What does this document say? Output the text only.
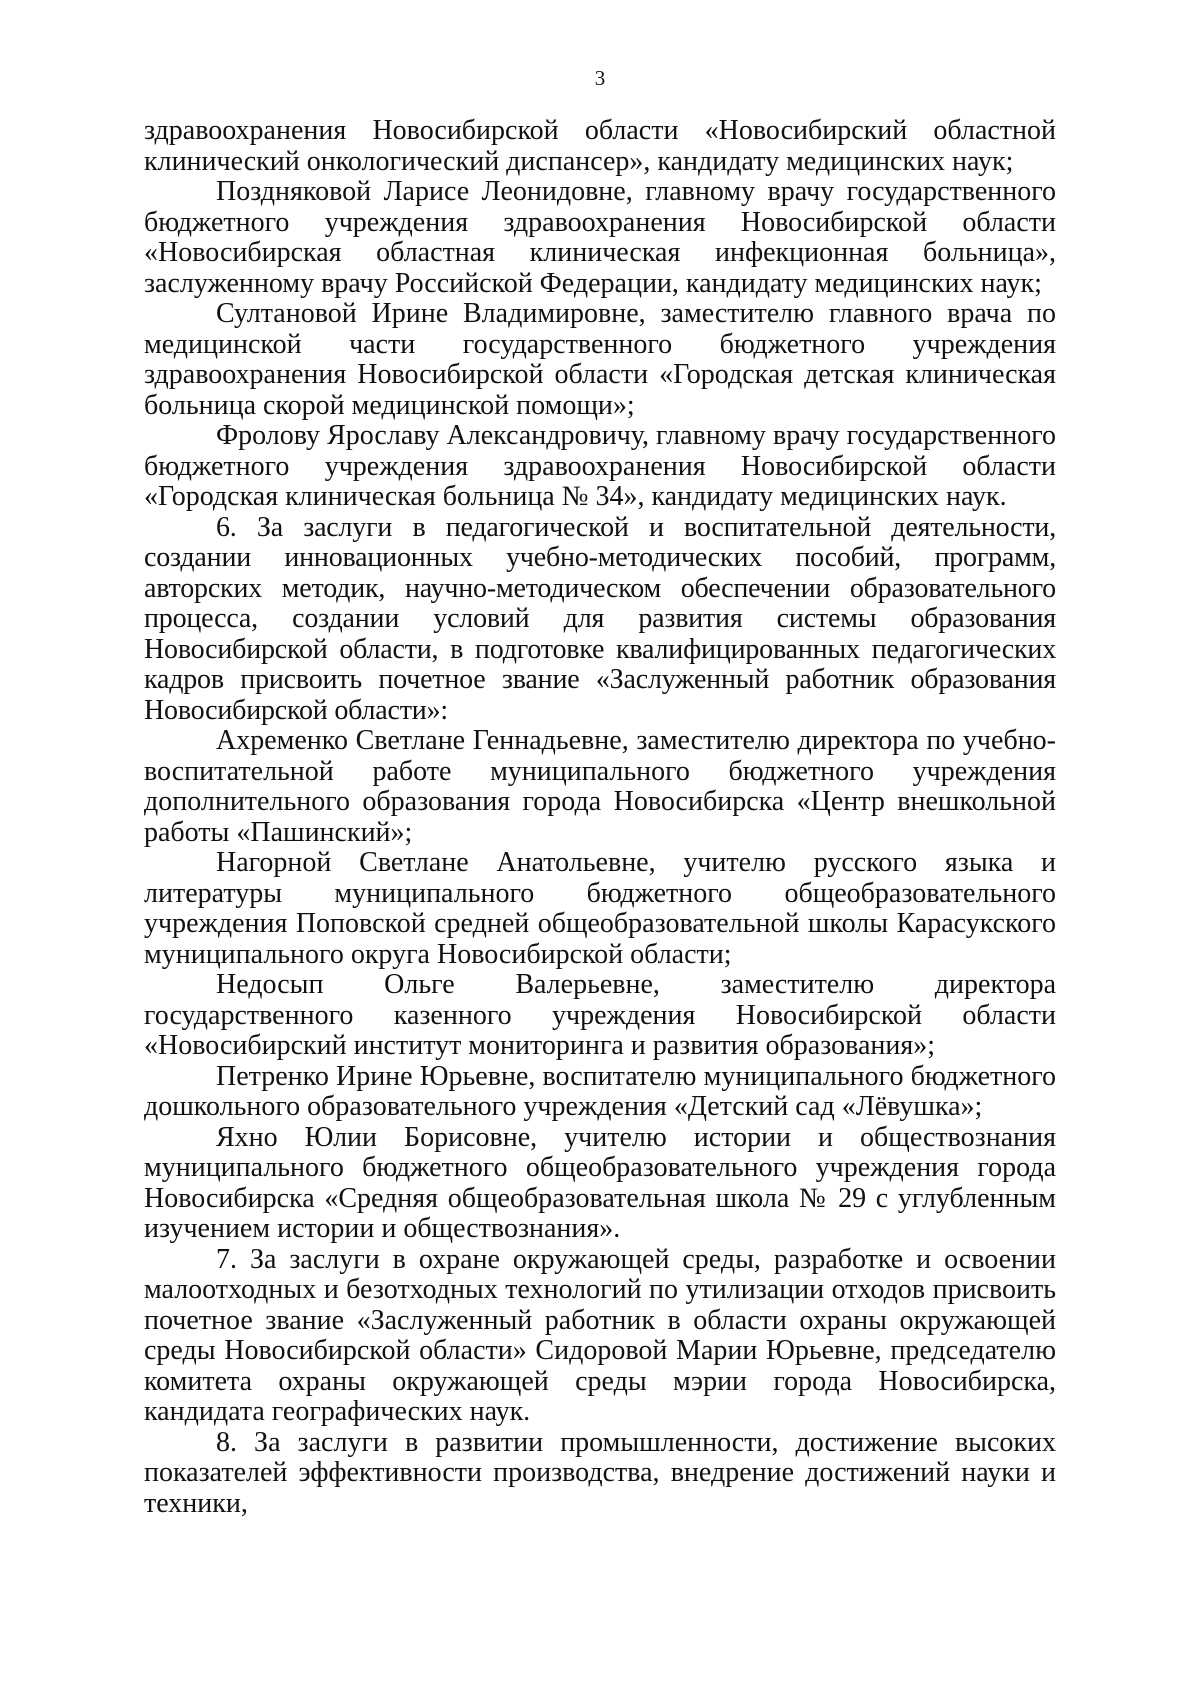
3

здравоохранения Новосибирской области «Новосибирский областной клинический онкологический диспансер», кандидату медицинских наук;

Поздняковой Ларисе Леонидовне, главному врачу государственного бюджетного учреждения здравоохранения Новосибирской области «Новосибирская областная клиническая инфекционная больница», заслуженному врачу Российской Федерации, кандидату медицинских наук;

Султановой Ирине Владимировне, заместителю главного врача по медицинской части государственного бюджетного учреждения здравоохранения Новосибирской области «Городская детская клиническая больница скорой медицинской помощи»;

Фролову Ярославу Александровичу, главному врачу государственного бюджетного учреждения здравоохранения Новосибирской области «Городская клиническая больница № 34», кандидату медицинских наук.

6. За заслуги в педагогической и воспитательной деятельности, создании инновационных учебно-методических пособий, программ, авторских методик, научно-методическом обеспечении образовательного процесса, создании условий для развития системы образования Новосибирской области, в подготовке квалифицированных педагогических кадров присвоить почетное звание «Заслуженный работник образования Новосибирской области»:

Ахременко Светлане Геннадьевне, заместителю директора по учебно-воспитательной работе муниципального бюджетного учреждения дополнительного образования города Новосибирска «Центр внешкольной работы «Пашинский»;

Нагорной Светлане Анатольевне, учителю русского языка и литературы муниципального бюджетного общеобразовательного учреждения Поповской средней общеобразовательной школы Карасукского муниципального округа Новосибирской области;

Недосып Ольге Валерьевне, заместителю директора государственного казенного учреждения Новосибирской области «Новосибирский институт мониторинга и развития образования»;

Петренко Ирине Юрьевне, воспитателю муниципального бюджетного дошкольного образовательного учреждения «Детский сад «Лёвушка»;

Яхно Юлии Борисовне, учителю истории и обществознания муниципального бюджетного общеобразовательного учреждения города Новосибирска «Средняя общеобразовательная школа № 29 с углубленным изучением истории и обществознания».

7. За заслуги в охране окружающей среды, разработке и освоении малоотходных и безотходных технологий по утилизации отходов присвоить почетное звание «Заслуженный работник в области охраны окружающей среды Новосибирской области» Сидоровой Марии Юрьевне, председателю комитета охраны окружающей среды мэрии города Новосибирска, кандидата географических наук.

8. За заслуги в развитии промышленности, достижение высоких показателей эффективности производства, внедрение достижений науки и техники,
